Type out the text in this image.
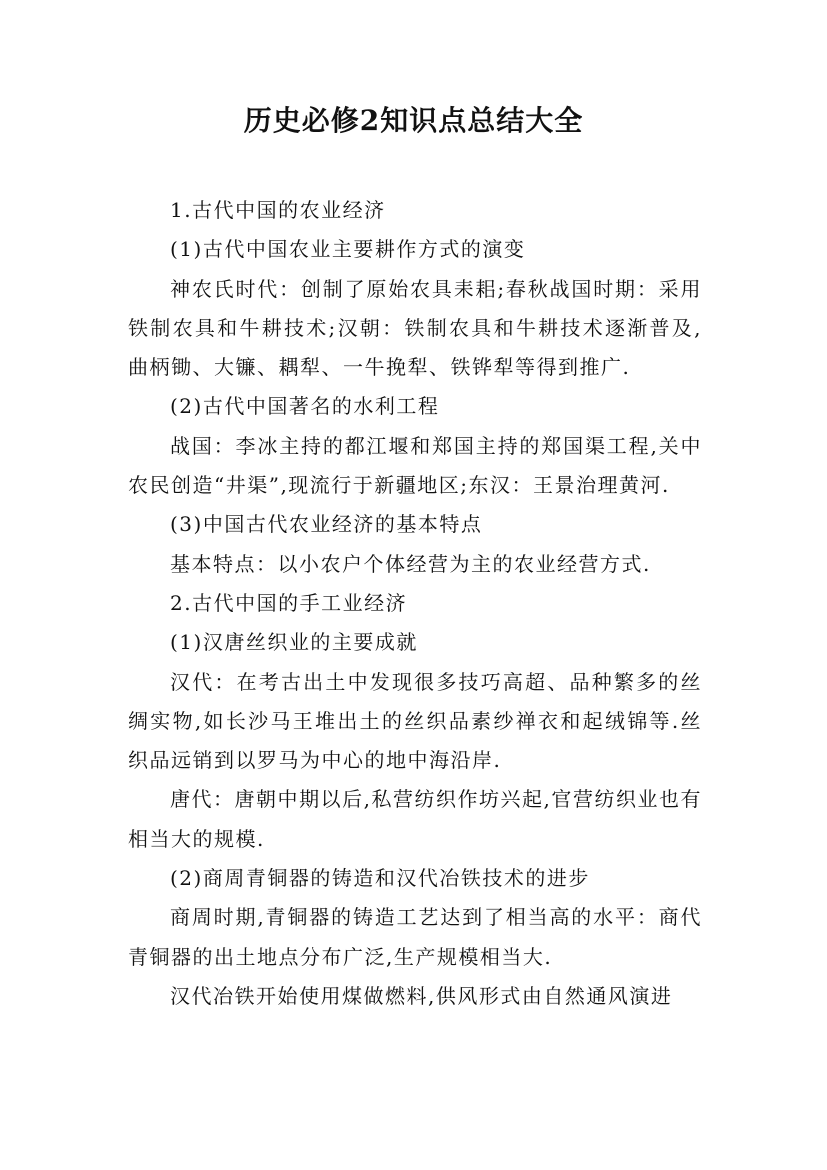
历史必修2知识点总结大全

1.古代中国的农业经济

(1)古代中国农业主要耕作方式的演变

神农氏时代：创制了原始农具耒耜;春秋战国时期：采用铁制农具和牛耕技术;汉朝：铁制农具和牛耕技术逐渐普及,曲柄锄、大镰、耦犁、一牛挽犁、铁铧犁等得到推广.

(2)古代中国著名的水利工程

战国：李冰主持的都江堰和郑国主持的郑国渠工程,关中农民创造“井渠”,现流行于新疆地区;东汉：王景治理黄河.

(3)中国古代农业经济的基本特点

基本特点：以小农户个体经营为主的农业经营方式.

2.古代中国的手工业经济

(1)汉唐丝织业的主要成就

汉代：在考古出土中发现很多技巧高超、品种繁多的丝绸实物,如长沙马王堆出土的丝织品素纱禅衣和起绒锦等.丝织品远销到以罗马为中心的地中海沿岸.

唐代：唐朝中期以后,私营纺织作坊兴起,官营纺织业也有相当大的规模.

(2)商周青铜器的铸造和汉代冶铁技术的进步

商周时期,青铜器的铸造工艺达到了相当高的水平：商代青铜器的出土地点分布广泛,生产规模相当大.

汉代冶铁开始使用煤做燃料,供风形式由自然通风演进
